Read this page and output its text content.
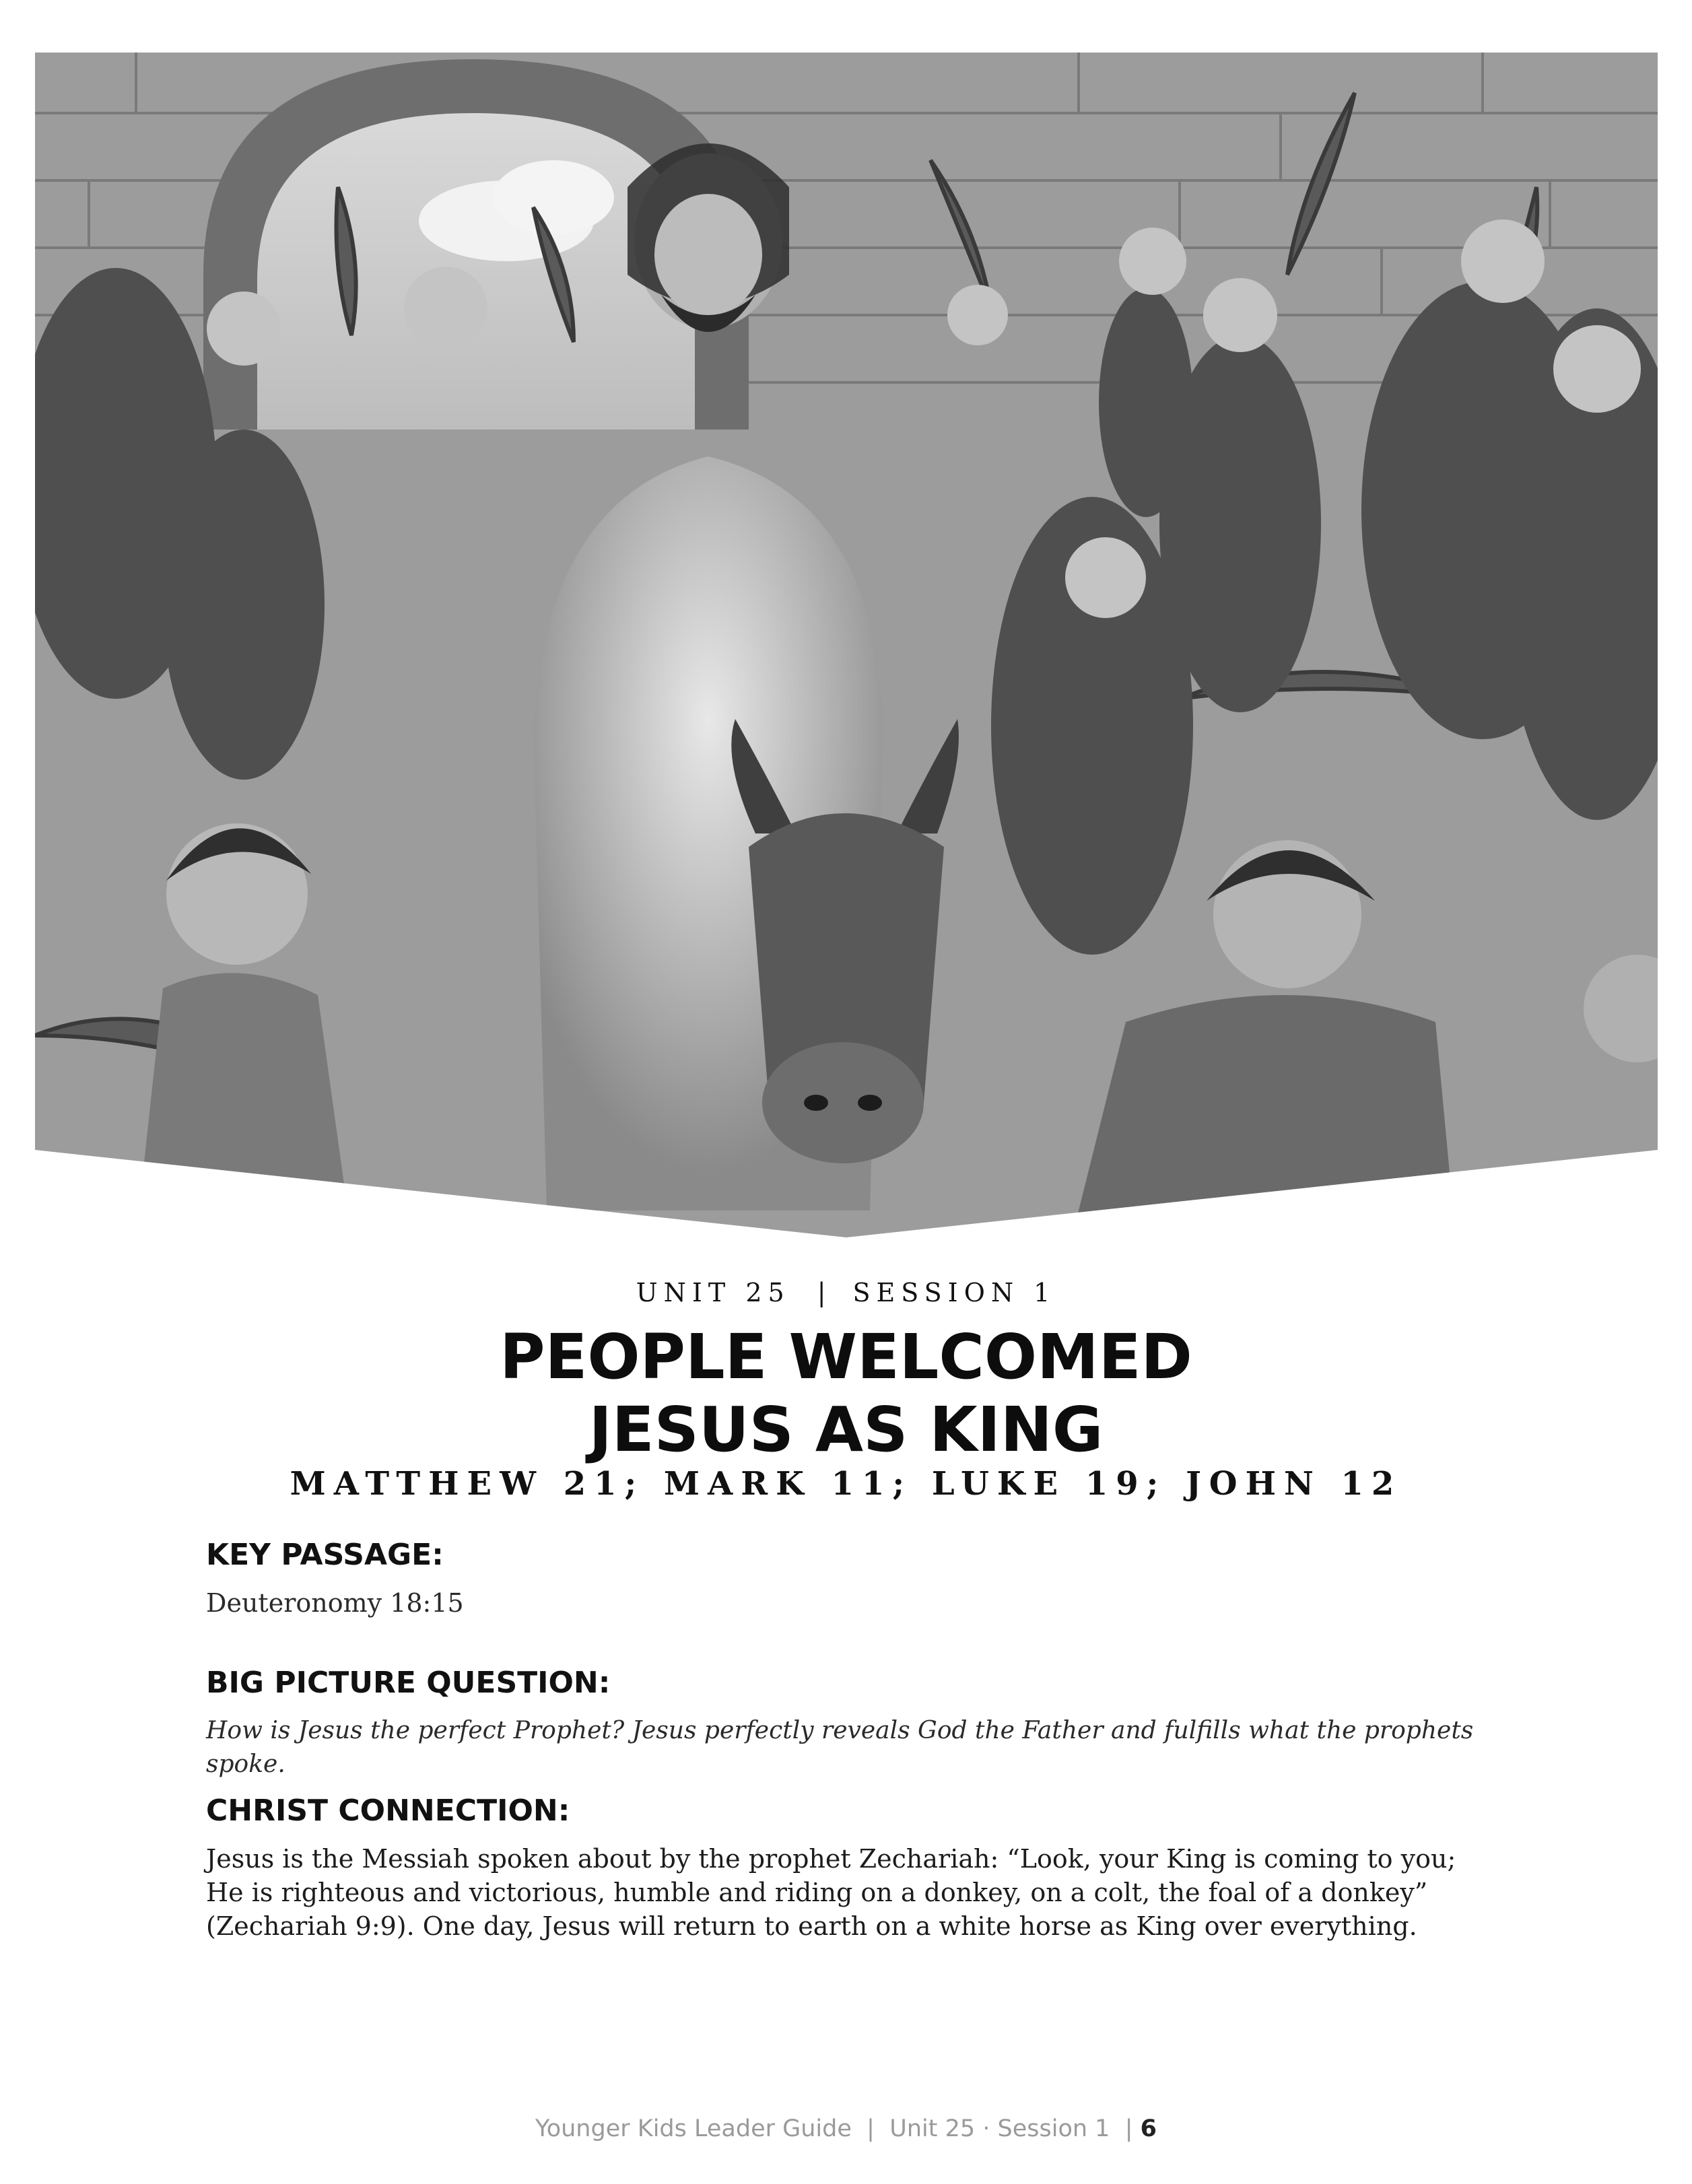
UNIT 25 | SESSION 1
PEOPLE WELCOMED
JESUS AS KING
MATTHEW 21; MARK 11; LUKE 19; JOHN 12
KEY PASSAGE:

Deuteronomy 18:15

BIG PICTURE QUESTION:

How is Jesus the perfect Prophet? Jesus perfectly reveals God the Father and fulfills what the prophets spoke.

CHRIST CONNECTION:

Jesus is the Messiah spoken about by the prophet Zechariah: “Look, your King is coming to you; He is righteous and victorious, humble and riding on a donkey, on a colt, the foal of a donkey” (Zechariah 9:9). One day, Jesus will return to earth on a white horse as King over everything.

Younger Kids Leader Guide | Unit 25 · Session 1 | 6
